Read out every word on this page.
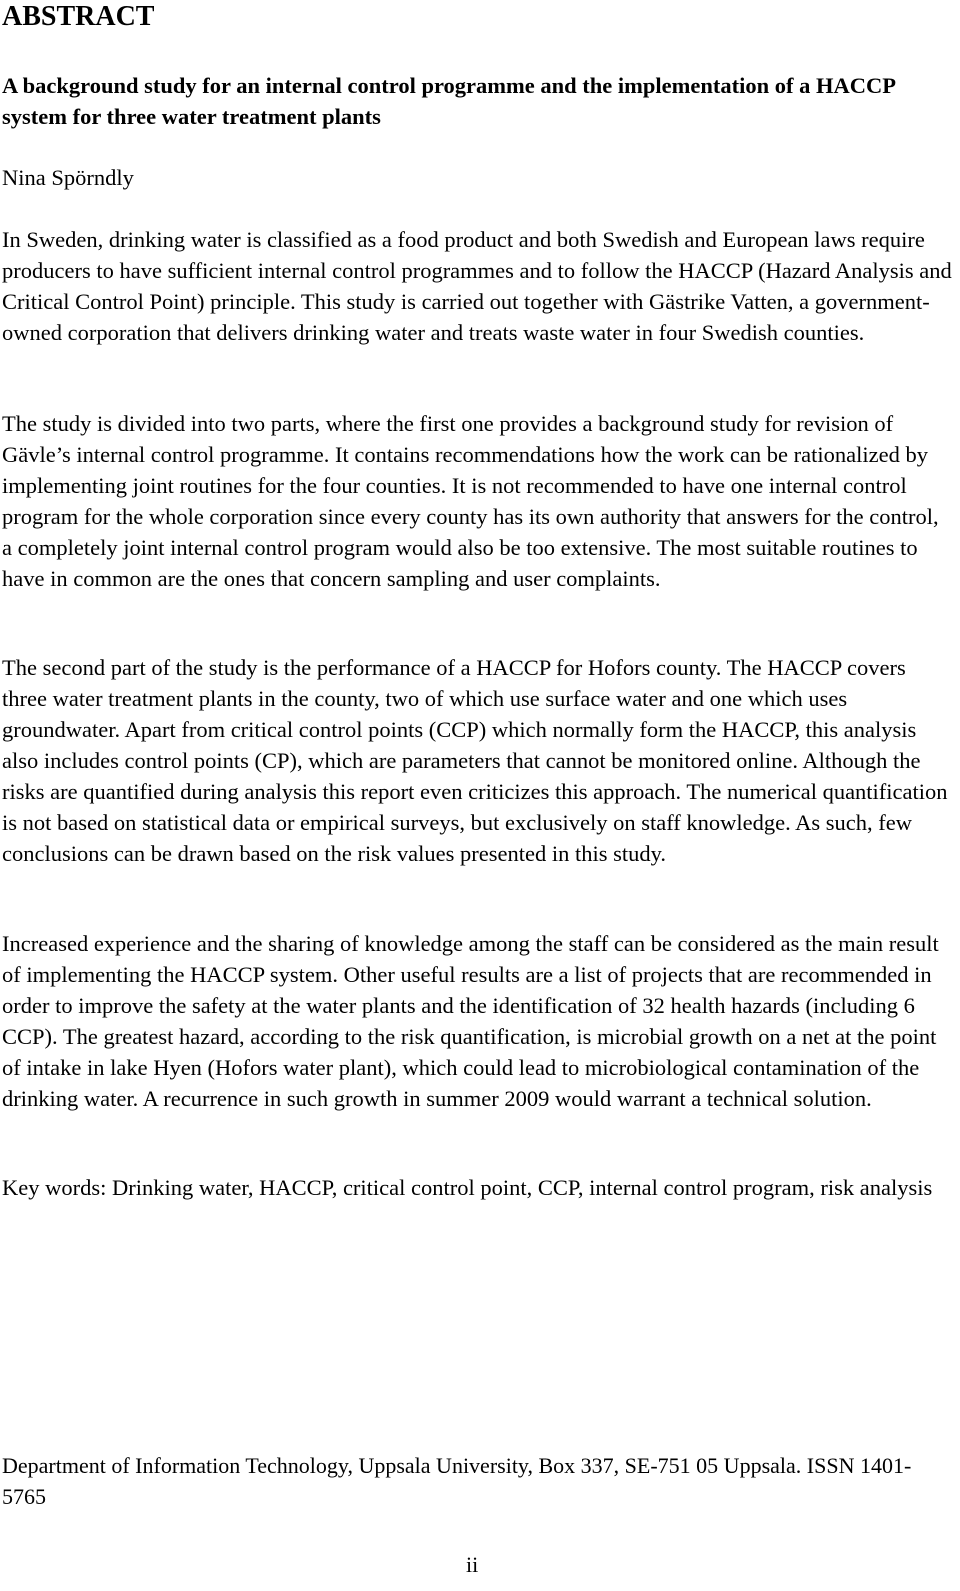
ABSTRACT
A background study for an internal control programme and the implementation of a HACCP system for three water treatment plants

Nina Spörndly

In Sweden, drinking water is classified as a food product and both Swedish and European laws require producers to have sufficient internal control programmes and to follow the HACCP (Hazard Analysis and Critical Control Point) principle. This study is carried out together with Gästrike Vatten, a government-owned corporation that delivers drinking water and treats waste water in four Swedish counties.

The study is divided into two parts, where the first one provides a background study for revision of Gävle’s internal control programme. It contains recommendations how the work can be rationalized by implementing joint routines for the four counties. It is not recommended to have one internal control program for the whole corporation since every county has its own authority that answers for the control, a completely joint internal control program would also be too extensive. The most suitable routines to have in common are the ones that concern sampling and user complaints.

The second part of the study is the performance of a HACCP for Hofors county. The HACCP covers three water treatment plants in the county, two of which use surface water and one which uses groundwater. Apart from critical control points (CCP) which normally form the HACCP, this analysis also includes control points (CP), which are parameters that cannot be monitored online. Although the risks are quantified during analysis this report even criticizes this approach. The numerical quantification is not based on statistical data or empirical surveys, but exclusively on staff knowledge. As such, few conclusions can be drawn based on the risk values presented in this study.

Increased experience and the sharing of knowledge among the staff can be considered as the main result of implementing the HACCP system. Other useful results are a list of projects that are recommended in order to improve the safety at the water plants and the identification of 32 health hazards (including 6 CCP). The greatest hazard, according to the risk quantification, is microbial growth on a net at the point of intake in lake Hyen (Hofors water plant), which could lead to microbiological contamination of the drinking water. A recurrence in such growth in summer 2009 would warrant a technical solution.

Key words: Drinking water, HACCP, critical control point, CCP, internal control program, risk analysis

Department of Information Technology, Uppsala University, Box 337, SE-751 05 Uppsala. ISSN 1401-5765

ii
